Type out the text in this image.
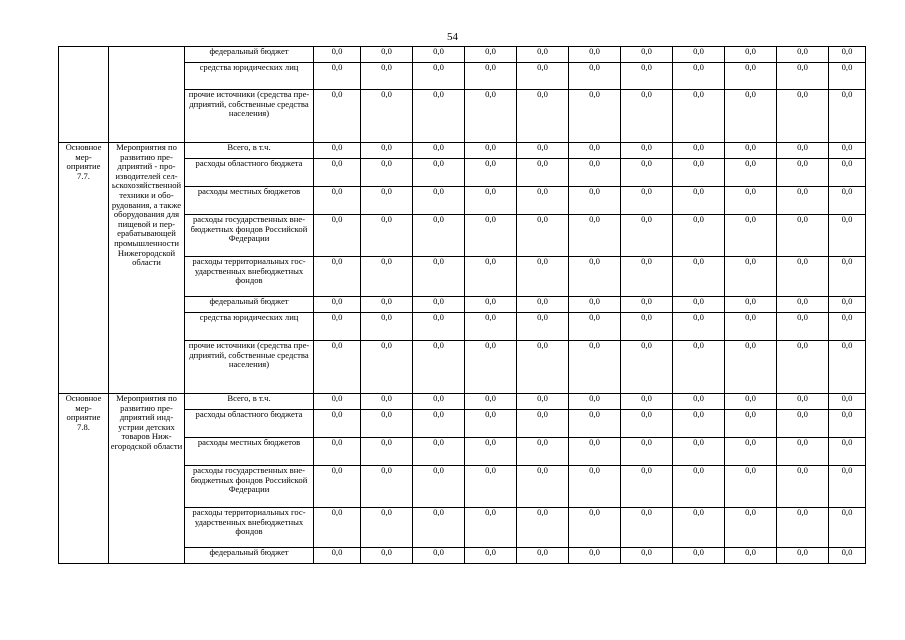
54
		федеральный бюджет	0,0	0,0	0,0	0,0	0,0	0,0	0,0	0,0	0,0	0,0	0,0
		средства юридических лиц	0,0	0,0	0,0	0,0	0,0	0,0	0,0	0,0	0,0	0,0	0,0
		прочие источники (средства предприятий, собственные средства населения)	0,0	0,0	0,0	0,0	0,0	0,0	0,0	0,0	0,0	0,0	0,0
Основное мероприятие 7.7.	Мероприятия по развитию предприятий - производителей сельскохозяйственной техники и оборудования, а также оборудования для пищевой и перерабатывающей промышленности Нижегородской области	Всего, в т.ч.	0,0	0,0	0,0	0,0	0,0	0,0	0,0	0,0	0,0	0,0	0,0
		расходы областного бюджета	0,0	0,0	0,0	0,0	0,0	0,0	0,0	0,0	0,0	0,0	0,0
		расходы местных бюджетов	0,0	0,0	0,0	0,0	0,0	0,0	0,0	0,0	0,0	0,0	0,0
		расходы государственных внебюджетных фондов Российской Федерации	0,0	0,0	0,0	0,0	0,0	0,0	0,0	0,0	0,0	0,0	0,0
		расходы территориальных государственных внебюджетных фондов	0,0	0,0	0,0	0,0	0,0	0,0	0,0	0,0	0,0	0,0	0,0
		федеральный бюджет	0,0	0,0	0,0	0,0	0,0	0,0	0,0	0,0	0,0	0,0	0,0
		средства юридических лиц	0,0	0,0	0,0	0,0	0,0	0,0	0,0	0,0	0,0	0,0	0,0
		прочие источники (средства предприятий, собственные средства населения)	0,0	0,0	0,0	0,0	0,0	0,0	0,0	0,0	0,0	0,0	0,0
Основное мероприятие 7.8.	Мероприятия по развитию предприятий индустрии детских товаров Нижегородской области	Всего, в т.ч.	0,0	0,0	0,0	0,0	0,0	0,0	0,0	0,0	0,0	0,0	0,0
		расходы областного бюджета	0,0	0,0	0,0	0,0	0,0	0,0	0,0	0,0	0,0	0,0	0,0
		расходы местных бюджетов	0,0	0,0	0,0	0,0	0,0	0,0	0,0	0,0	0,0	0,0	0,0
		расходы государственных внебюджетных фондов Российской Федерации	0,0	0,0	0,0	0,0	0,0	0,0	0,0	0,0	0,0	0,0	0,0
		расходы территориальных государственных внебюджетных фондов	0,0	0,0	0,0	0,0	0,0	0,0	0,0	0,0	0,0	0,0	0,0
		федеральный бюджет	0,0	0,0	0,0	0,0	0,0	0,0	0,0	0,0	0,0	0,0	0,0
